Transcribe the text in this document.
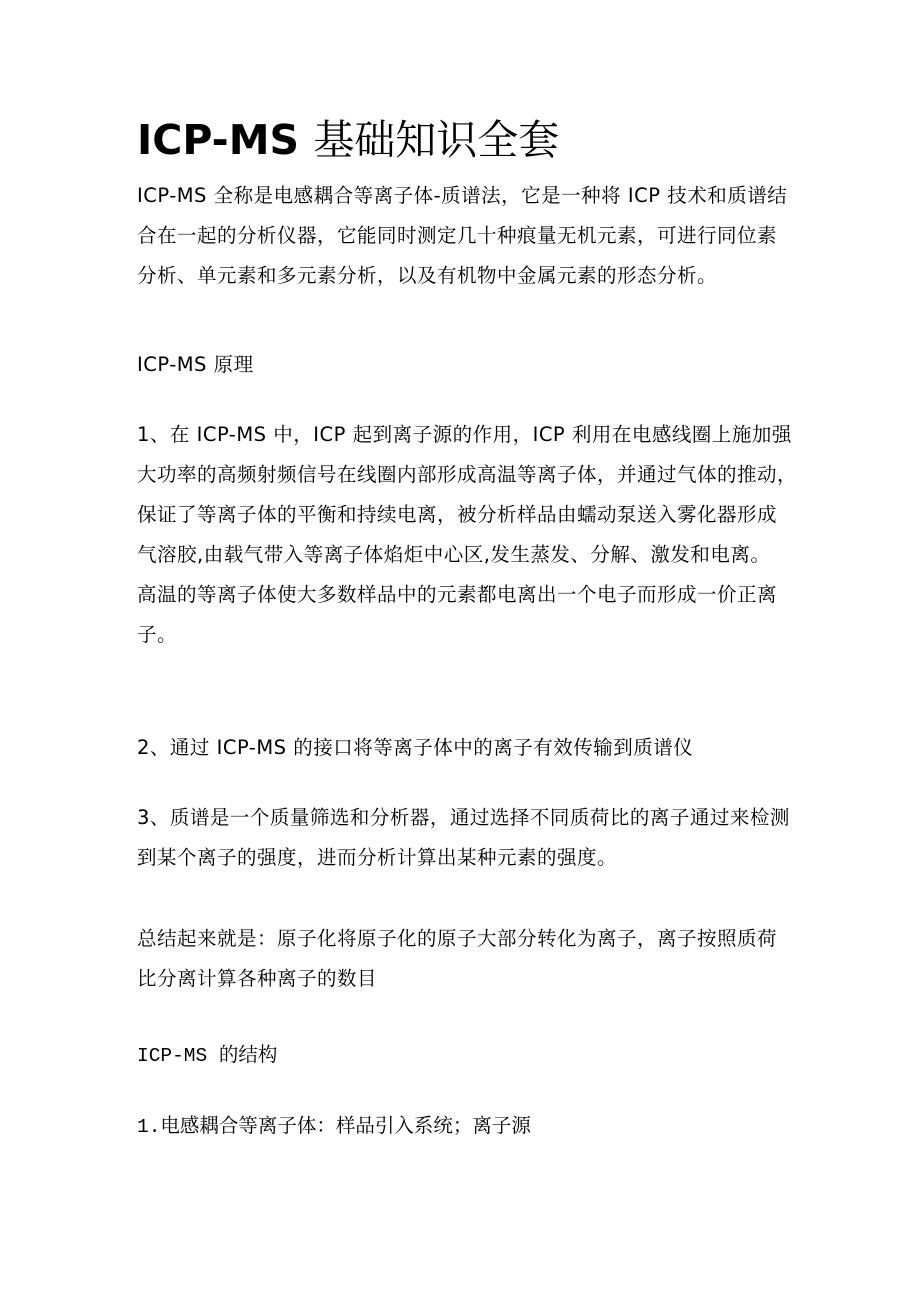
ICP-MS 基础知识全套

ICP-MS 全称是电感耦合等离子体-质谱法，它是一种将 ICP 技术和质谱结
合在一起的分析仪器，它能同时测定几十种痕量无机元素，可进行同位素
分析、单元素和多元素分析，以及有机物中金属元素的形态分析。

ICP-MS 原理

1、在 ICP-MS 中，ICP 起到离子源的作用，ICP 利用在电感线圈上施加强
大功率的高频射频信号在线圈内部形成高温等离子体，并通过气体的推动，
保证了等离子体的平衡和持续电离，被分析样品由蠕动泵送入雾化器形成
气溶胶,由载气带入等离子体焰炬中心区,发生蒸发、分解、激发和电离。
高温的等离子体使大多数样品中的元素都电离出一个电子而形成一价正离
子。

2、通过 ICP-MS 的接口将等离子体中的离子有效传输到质谱仪

3、质谱是一个质量筛选和分析器，通过选择不同质荷比的离子通过来检测
到某个离子的强度，进而分析计算出某种元素的强度。

总结起来就是：原子化将原子化的原子大部分转化为离子，离子按照质荷
比分离计算各种离子的数目

ICP-MS 的结构

1.电感耦合等离子体：样品引入系统；离子源
